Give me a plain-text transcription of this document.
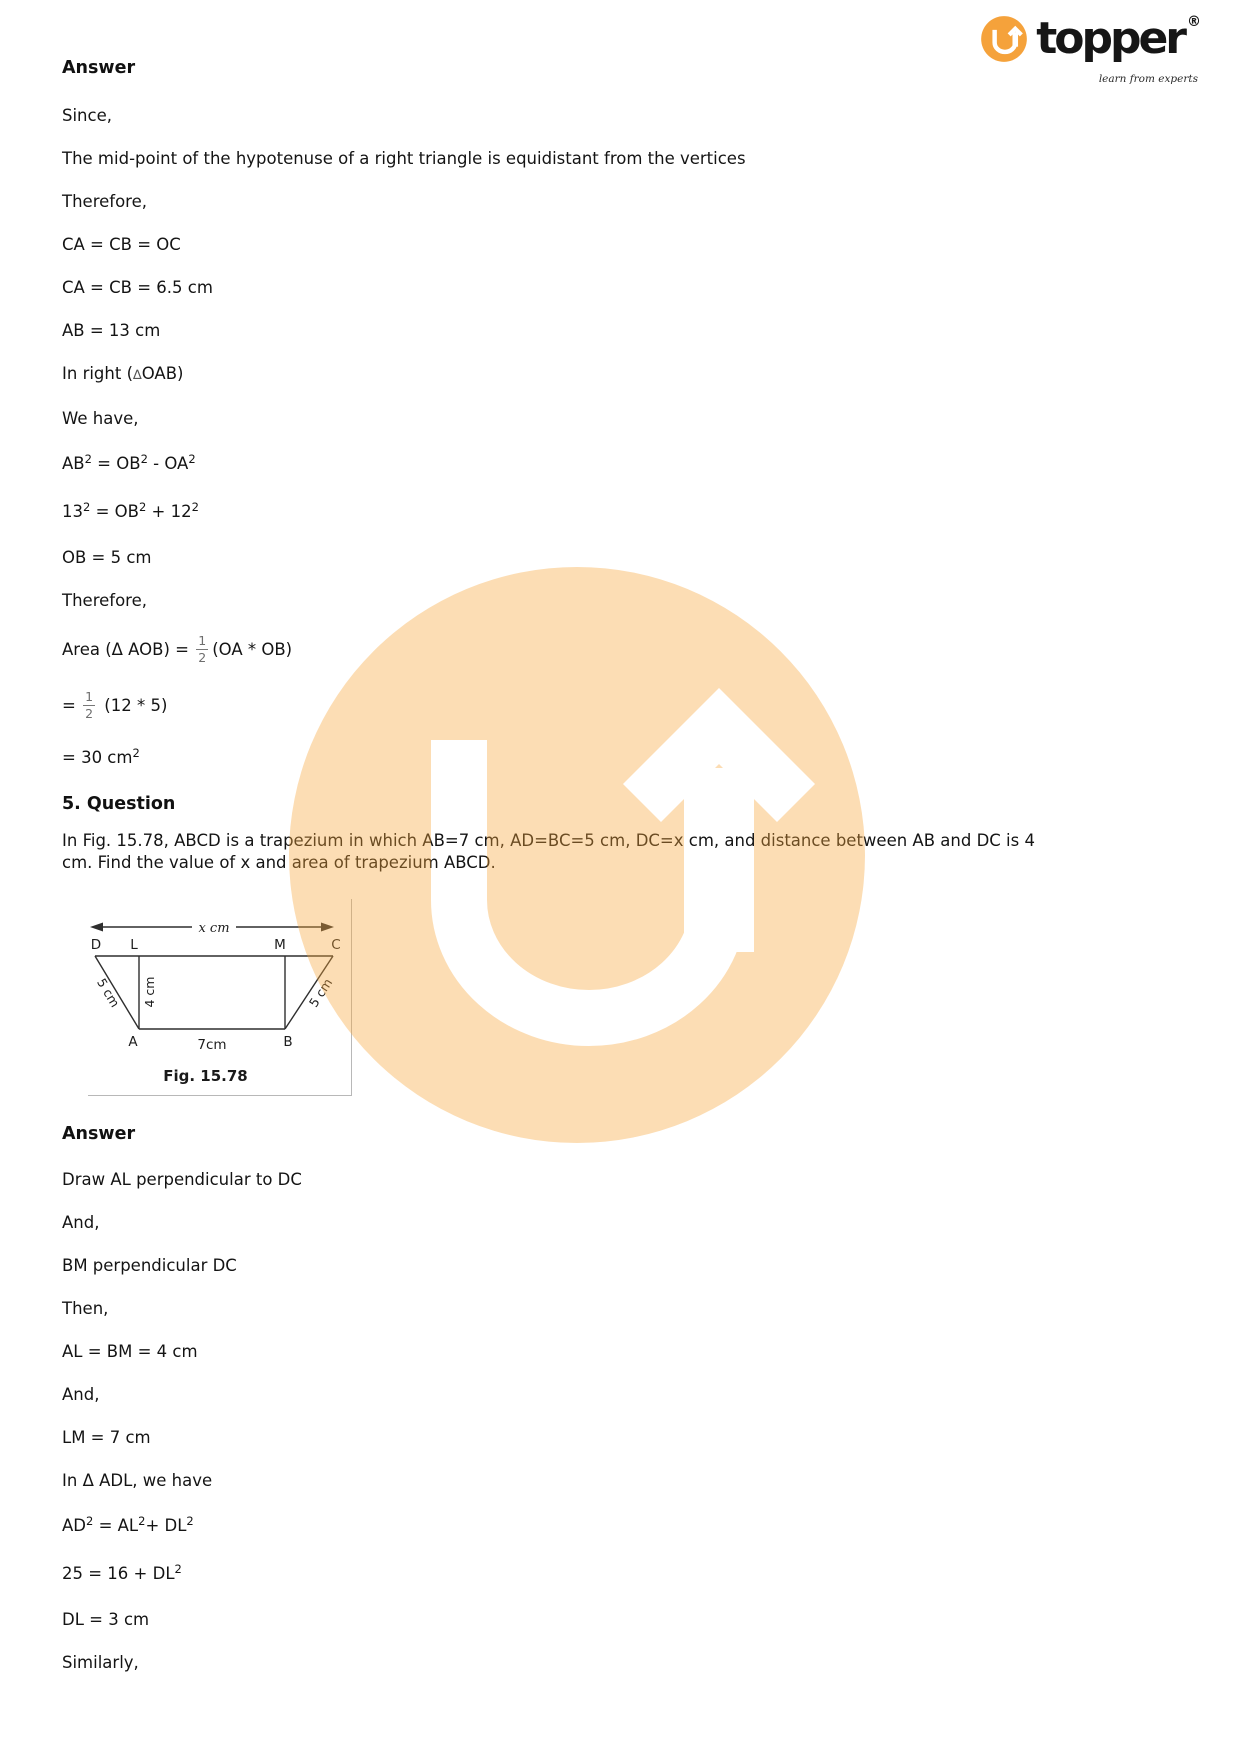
topper ®
learn from experts
Answer

Since,

The mid-point of the hypotenuse of a right triangle is equidistant from the vertices

Therefore,

CA = CB = OC

CA = CB = 6.5 cm

AB = 13 cm

In right (∆OAB)

We have,

$AB^2 = OB^2 - OA^2$

$13^2 = OB^2 + 12^2$

OB = 5 cm

Therefore,

Area (Δ $AOB) = \frac{1}{2} (OA * OB)$

= $\frac{1}{2} (12 * 5)$

= 30 $cm^2$

5. Question

In Fig. 15.78, ABCD is a trapezium in which AB=7 cm, AD=BC=5 cm, DC=x cm, and distance between AB and DC is 4 cm. Find the value of x and area of trapezium ABCD.

x cm
D L	M	C
4 cm
5 cm	5 cm
7cm
A	B
Fig. 15.78
Answer

Draw AL perpendicular to DC

And,

BM perpendicular DC

Then,

AL = BM = 4 cm

And,

LM = 7 cm

In Δ ADL, we have

$AD^2 = AL^2+ DL^2$

$25 = 16 + DL^2$

DL = 3 cm

Similarly,
